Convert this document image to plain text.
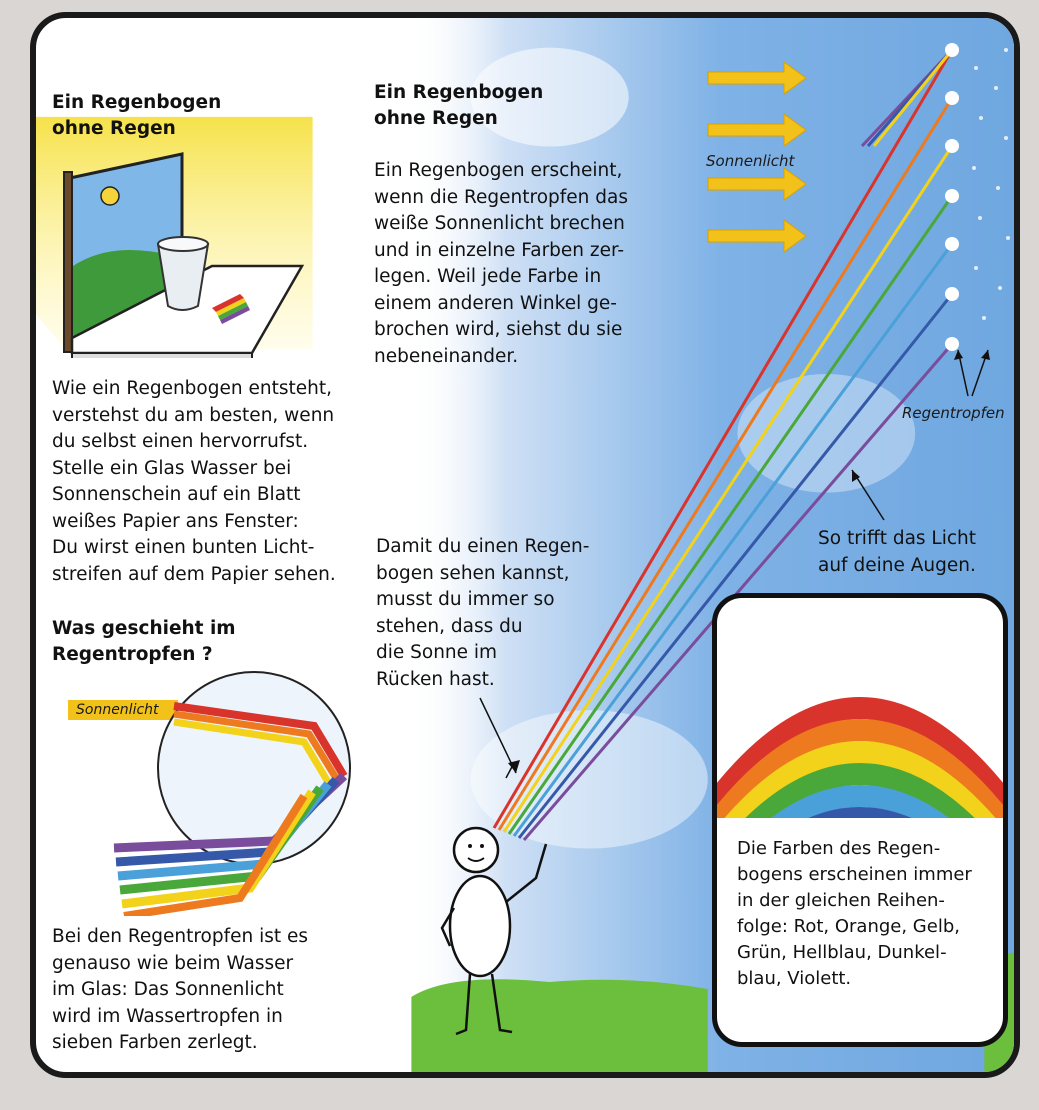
Ein Regenbogen
ohne Regen
Wie ein Regenbogen entsteht,
verstehst du am besten, wenn
du selbst einen hervorrufst.
Stelle ein Glas Wasser bei
Sonnenschein auf ein Blatt
weißes Papier ans Fenster:
Du wirst einen bunten Licht-
streifen auf dem Papier sehen.
Was geschieht im
Regentropfen ?
Sonnenlicht
Bei den Regentropfen ist es
genauso wie beim Wasser
im Glas: Das Sonnenlicht
wird im Wassertropfen in
sieben Farben zerlegt.
Ein Regenbogen
ohne Regen
Ein Regenbogen erscheint,
wenn die Regentropfen das
weiße Sonnenlicht brechen
und in einzelne Farben zer-
legen. Weil jede Farbe in
einem anderen Winkel ge-
brochen wird, siehst du sie
nebeneinander.
Damit du einen Regen-
bogen sehen kannst,
musst du immer so
stehen, dass du
die Sonne im
Rücken hast.
Sonnenlicht
Regentropfen
So trifft das Licht
auf deine Augen.
Die Farben des Regen-
bogens erscheinen immer
in der gleichen Reihen-
folge: Rot, Orange, Gelb,
Grün, Hellblau, Dunkel-
blau, Violett.
